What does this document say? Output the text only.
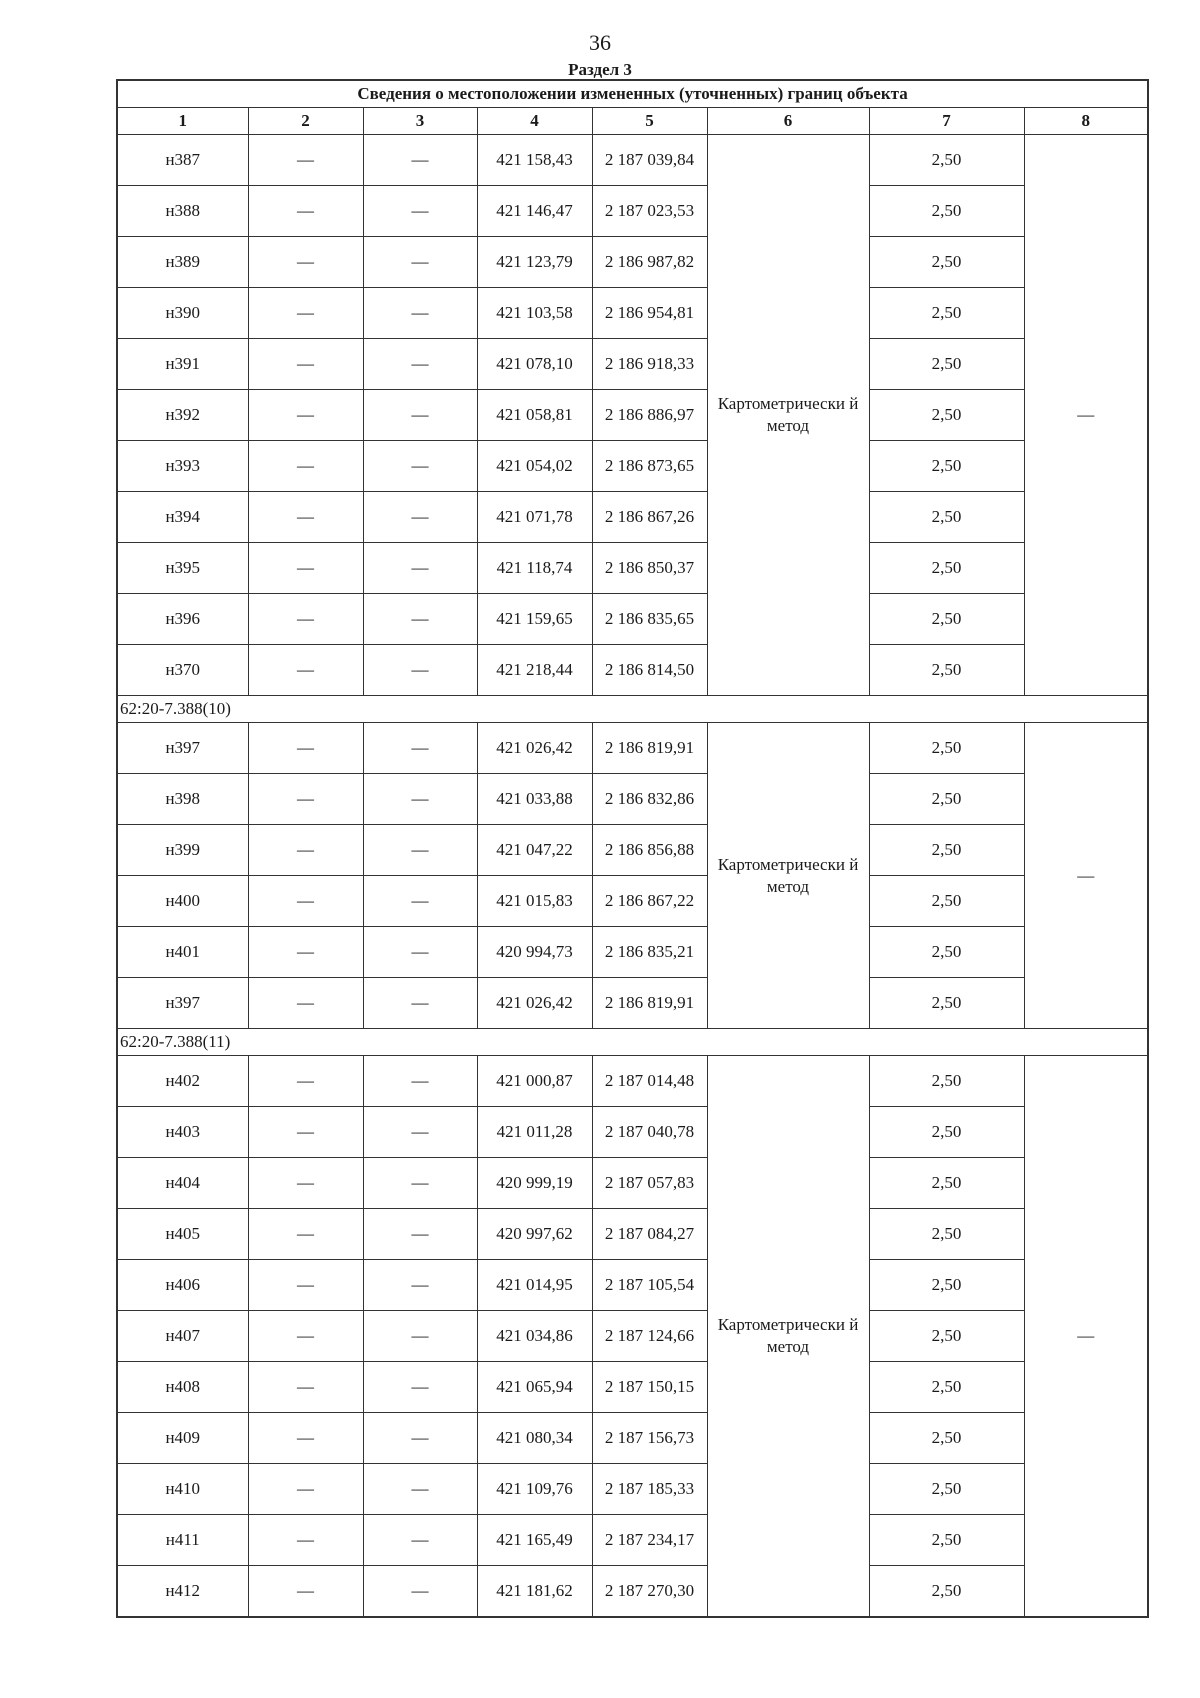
36
Раздел 3
Сведения о местоположении измененных (уточненных) границ объекта							
1	2	3	4	5	6	7	8
н387	—	—	421 158,43	2 187 039,84	Картометрически й метод	2,50	—
н388	—	—	421 146,47	2 187 023,53		2,50	
н389	—	—	421 123,79	2 186 987,82		2,50	
н390	—	—	421 103,58	2 186 954,81		2,50	
н391	—	—	421 078,10	2 186 918,33		2,50	
н392	—	—	421 058,81	2 186 886,97		2,50	
н393	—	—	421 054,02	2 186 873,65		2,50	
н394	—	—	421 071,78	2 186 867,26		2,50	
н395	—	—	421 118,74	2 186 850,37		2,50	
н396	—	—	421 159,65	2 186 835,65		2,50	
н370	—	—	421 218,44	2 186 814,50		2,50	
62:20-7.388(10)							
н397	—	—	421 026,42	2 186 819,91	Картометрически й метод	2,50	—
н398	—	—	421 033,88	2 186 832,86		2,50	
н399	—	—	421 047,22	2 186 856,88		2,50	
н400	—	—	421 015,83	2 186 867,22		2,50	
н401	—	—	420 994,73	2 186 835,21		2,50	
н397	—	—	421 026,42	2 186 819,91		2,50	
62:20-7.388(11)							
н402	—	—	421 000,87	2 187 014,48	Картометрически й метод	2,50	—
н403	—	—	421 011,28	2 187 040,78		2,50	
н404	—	—	420 999,19	2 187 057,83		2,50	
н405	—	—	420 997,62	2 187 084,27		2,50	
н406	—	—	421 014,95	2 187 105,54		2,50	
н407	—	—	421 034,86	2 187 124,66		2,50	
н408	—	—	421 065,94	2 187 150,15		2,50	
н409	—	—	421 080,34	2 187 156,73		2,50	
н410	—	—	421 109,76	2 187 185,33		2,50	
н411	—	—	421 165,49	2 187 234,17		2,50	
н412	—	—	421 181,62	2 187 270,30		2,50	
